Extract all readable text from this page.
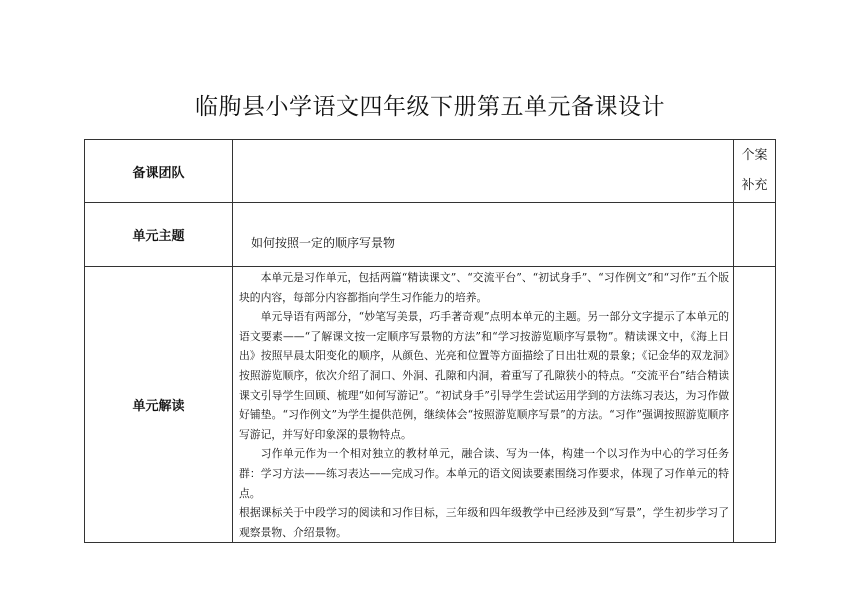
临朐县小学语文四年级下册第五单元备课设计
备课团队		个案
补充

单元主题	如何按照一定的顺序写景物	

单元解读	本单元是习作单元，包括两篇“精读课文”、“交流平台”、“初试身手”、“习作例文”和“习作”五个版块的内容，每部分内容都指向学生习作能力的培养。

单元导语有两部分，“妙笔写美景，巧手著奇观”点明本单元的主题。另一部分文字提示了本单元的语文要素——“了解课文按一定顺序写景物的方法”和“学习按游览顺序写景物”。精读课文中，《海上日出》按照早晨太阳变化的顺序，从颜色、光亮和位置等方面描绘了日出壮观的景象；《记金华的双龙洞》按照游览顺序，依次介绍了洞口、外洞、孔隙和内洞，着重写了孔隙狭小的特点。“交流平台”结合精读课文引导学生回顾、梳理“如何写游记”。“初试身手”引导学生尝试运用学到的方法练习表达，为习作做好铺垫。“习作例文”为学生提供范例，继续体会“按照游览顺序写景”的方法。“习作”强调按照游览顺序写游记，并写好印象深的景物特点。

习作单元作为一个相对独立的教材单元，融合读、写为一体，构建一个以习作为中心的学习任务群：学习方法——练习表达——完成习作。本单元的语文阅读要素围绕习作要求，体现了习作单元的特点。

根据课标关于中段学习的阅读和习作目标，三年级和四年级教学中已经涉及到“写景”，学生初步学习了观察景物、介绍景物。	
